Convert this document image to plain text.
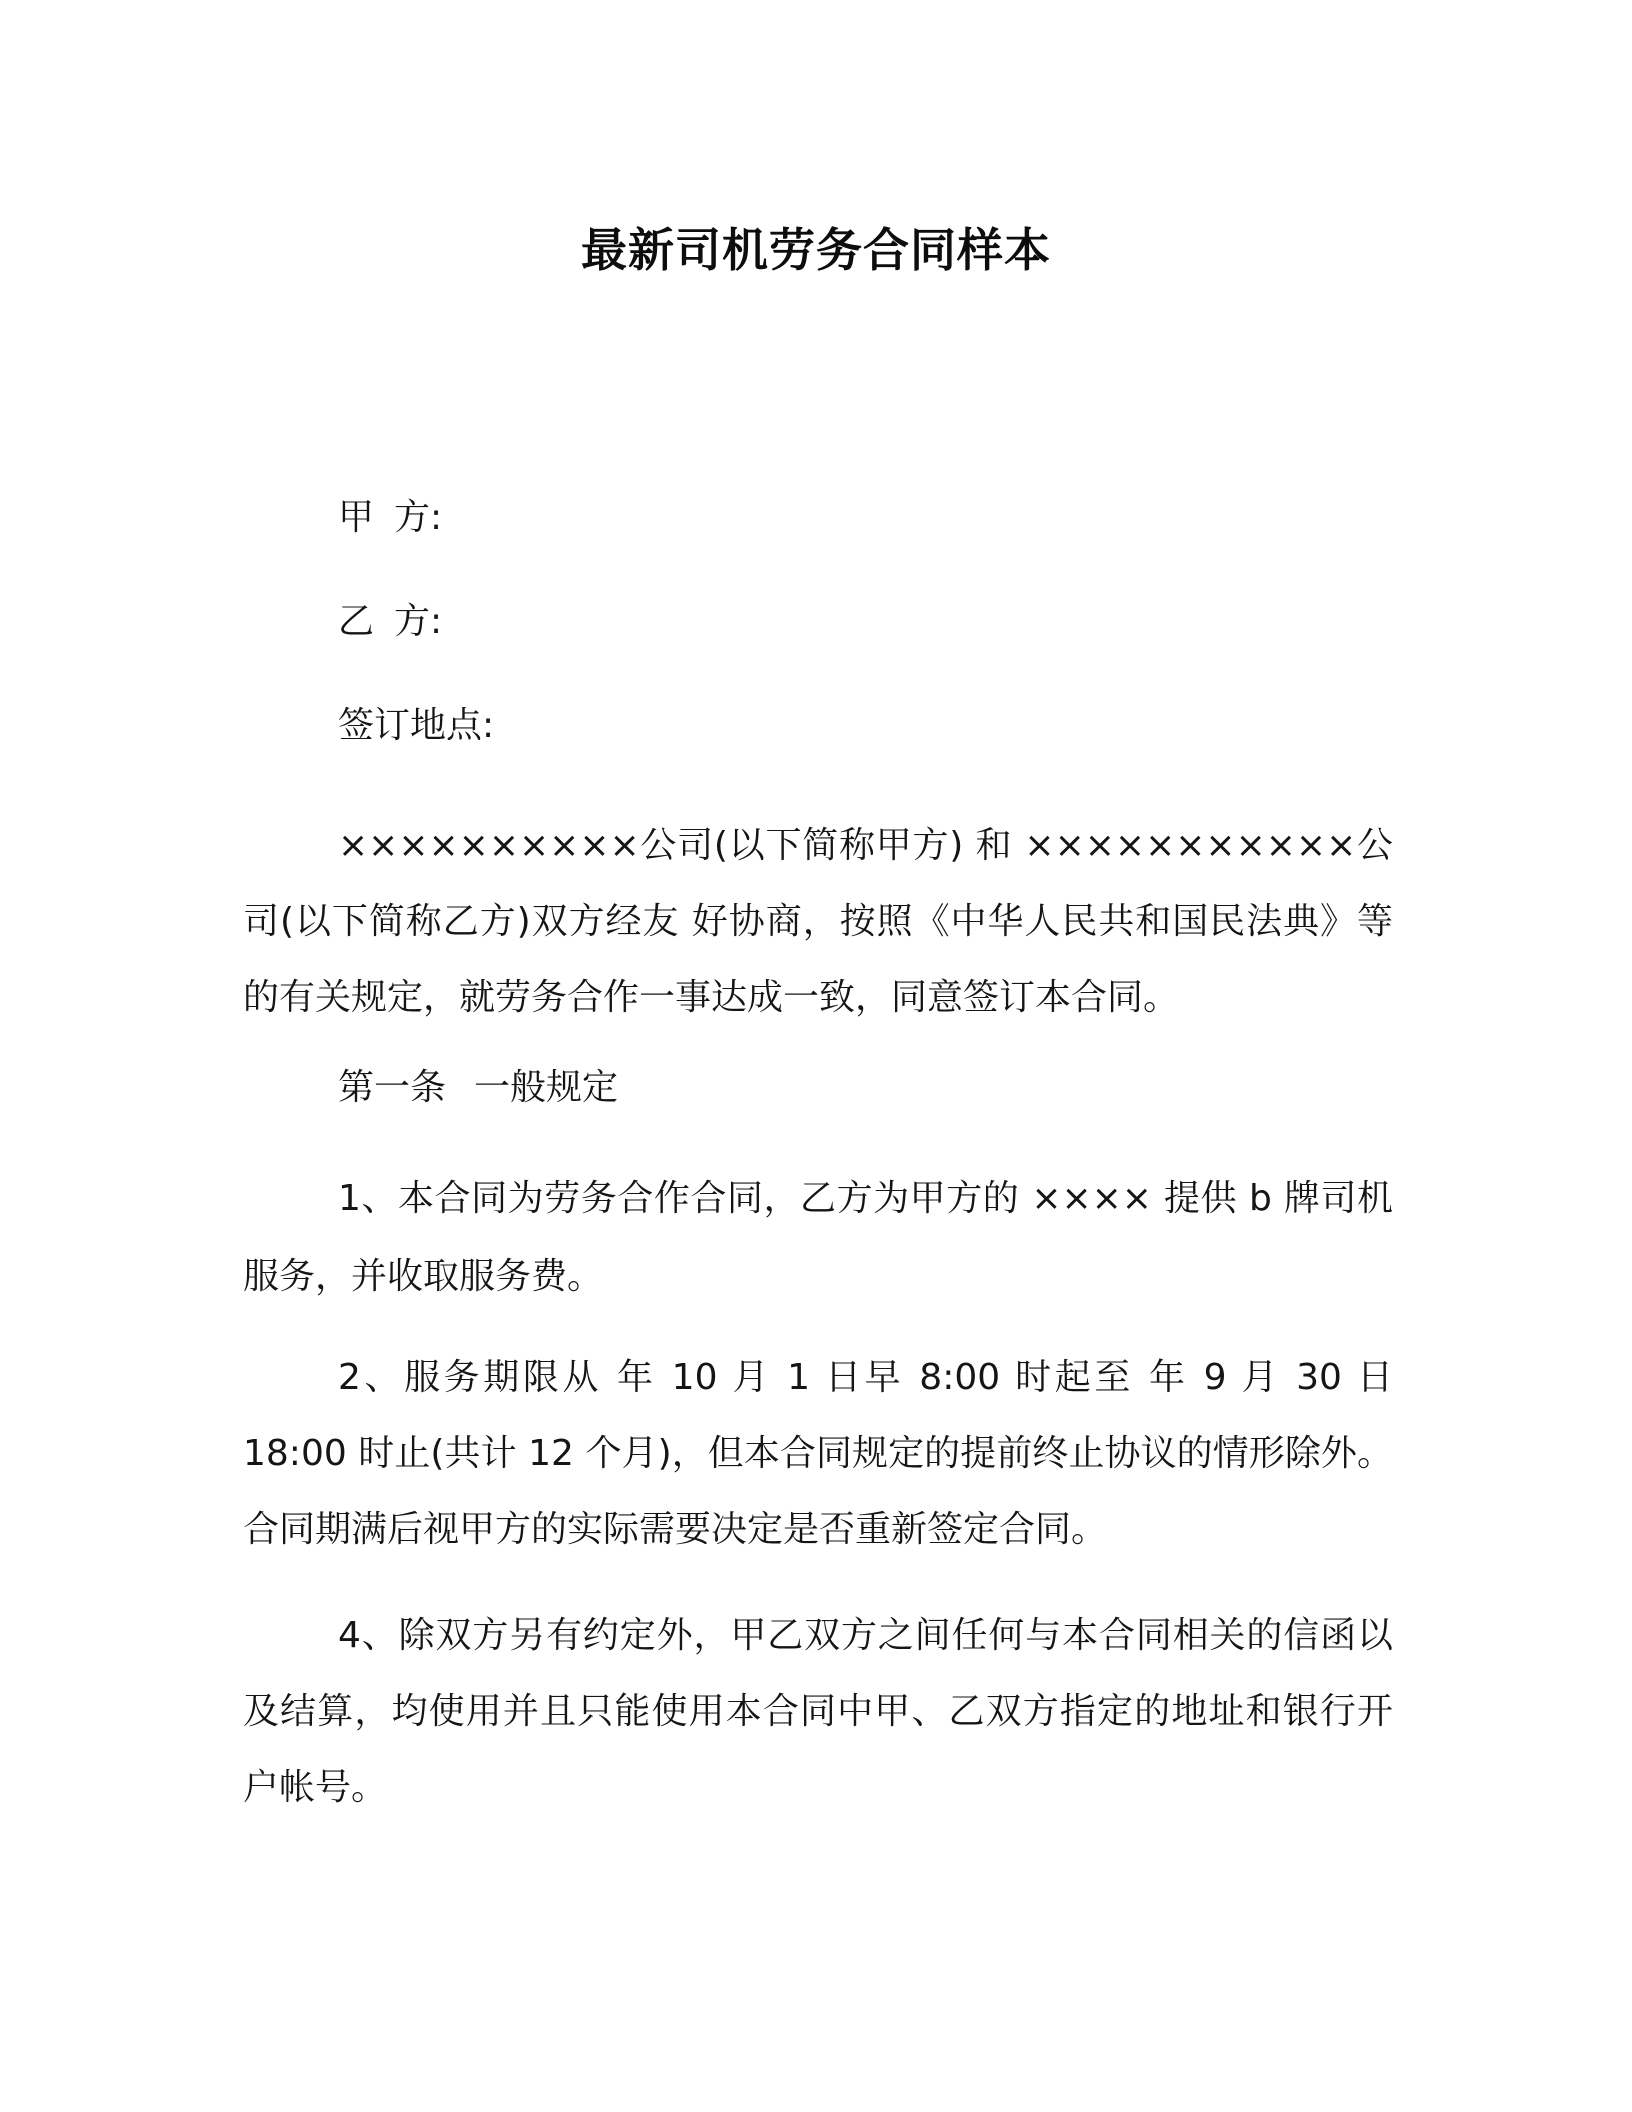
最新司机劳务合同样本

甲 方:

乙 方:

签订地点:

××××××××××公司(以下简称甲方) 和 ×××××××××××公司(以下简称乙方)双方经友 好协商，按照《中华人民共和国民法典》等的有关规定，就劳务合作一事达成一致，同意签订本合同。

第一条 一般规定

1、本合同为劳务合作合同，乙方为甲方的 ×××× 提供 b 牌司机服务，并收取服务费。

2、服务期限从 年 10 月 1 日早 8:00 时起至 年 9 月 30 日18:00 时止(共计 12 个月)，但本合同规定的提前终止协议的情形除外。合同期满后视甲方的实际需要决定是否重新签定合同。

4、除双方另有约定外，甲乙双方之间任何与本合同相关的信函以及结算，均使用并且只能使用本合同中甲、乙双方指定的地址和银行开户帐号。
